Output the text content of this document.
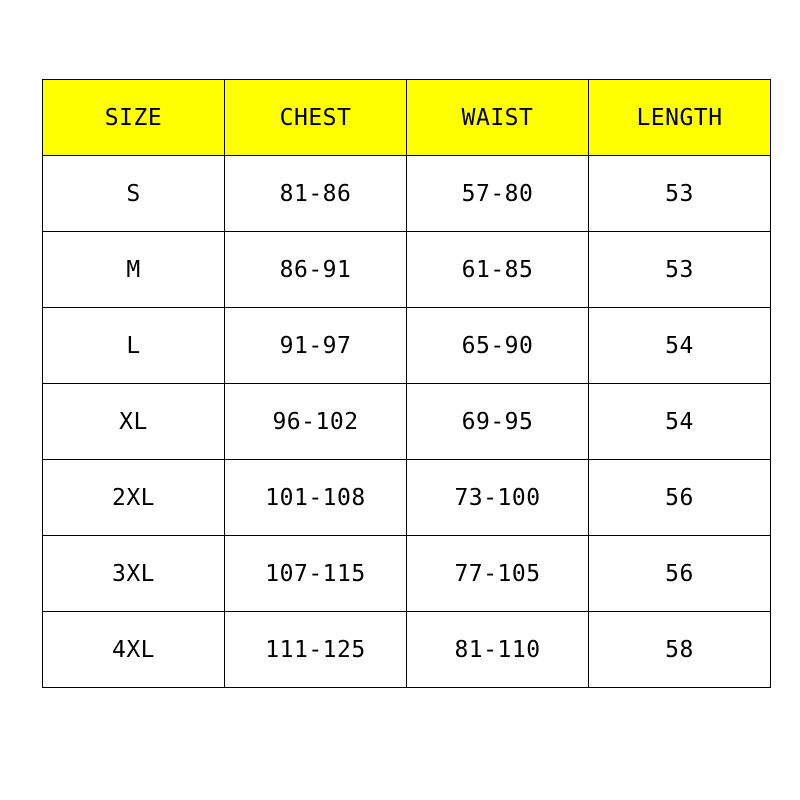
SIZE	CHEST	WAIST	LENGTH
S	81-86	57-80	53
M	86-91	61-85	53
L	91-97	65-90	54
XL	96-102	69-95	54
2XL	101-108	73-100	56
3XL	107-115	77-105	56
4XL	111-125	81-110	58
